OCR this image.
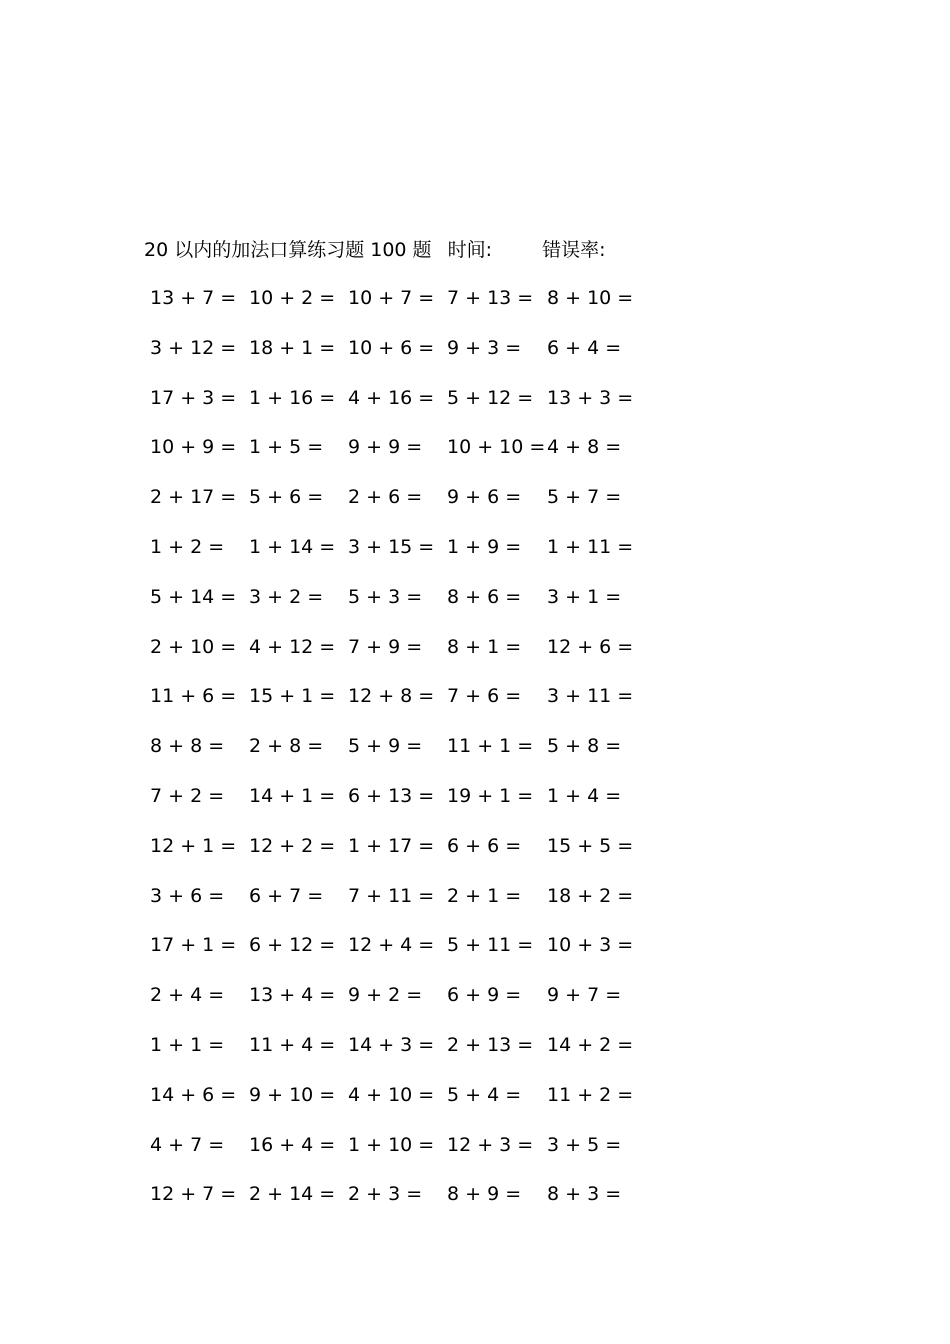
20 以内的加法口算练习题 100 题 时间:	错误率:
13 + 7 = 10 + 2 = 10 + 7 = 7 + 13 = 8 + 10 =
3 + 12 = 18 + 1 = 10 + 6 = 9 + 3 = 6 + 4 =
17 + 3 = 1 + 16 = 4 + 16 = 5 + 12 = 13 + 3 =
10 + 9 = 1 + 5 = 9 + 9 = 10 + 10 = 4 + 8 =
2 + 17 = 5 + 6 = 2 + 6 = 9 + 6 = 5 + 7 =
1 + 2 = 1 + 14 = 3 + 15 = 1 + 9 = 1 + 11 =
5 + 14 = 3 + 2 = 5 + 3 = 8 + 6 = 3 + 1 =
2 + 10 = 4 + 12 = 7 + 9 = 8 + 1 = 12 + 6 =
11 + 6 = 15 + 1 = 12 + 8 = 7 + 6 = 3 + 11 =
8 + 8 = 2 + 8 = 5 + 9 = 11 + 1 = 5 + 8 =
7 + 2 = 14 + 1 = 6 + 13 = 19 + 1 = 1 + 4 =
12 + 1 = 12 + 2 = 1 + 17 = 6 + 6 = 15 + 5 =
3 + 6 = 6 + 7 = 7 + 11 = 2 + 1 = 18 + 2 =
17 + 1 = 6 + 12 = 12 + 4 = 5 + 11 = 10 + 3 =
2 + 4 = 13 + 4 = 9 + 2 = 6 + 9 = 9 + 7 =
1 + 1 = 11 + 4 = 14 + 3 = 2 + 13 = 14 + 2 =
14 + 6 = 9 + 10 = 4 + 10 = 5 + 4 = 11 + 2 =
4 + 7 = 16 + 4 = 1 + 10 = 12 + 3 = 3 + 5 =
12 + 7 = 2 + 14 = 2 + 3 = 8 + 9 = 8 + 3 =
